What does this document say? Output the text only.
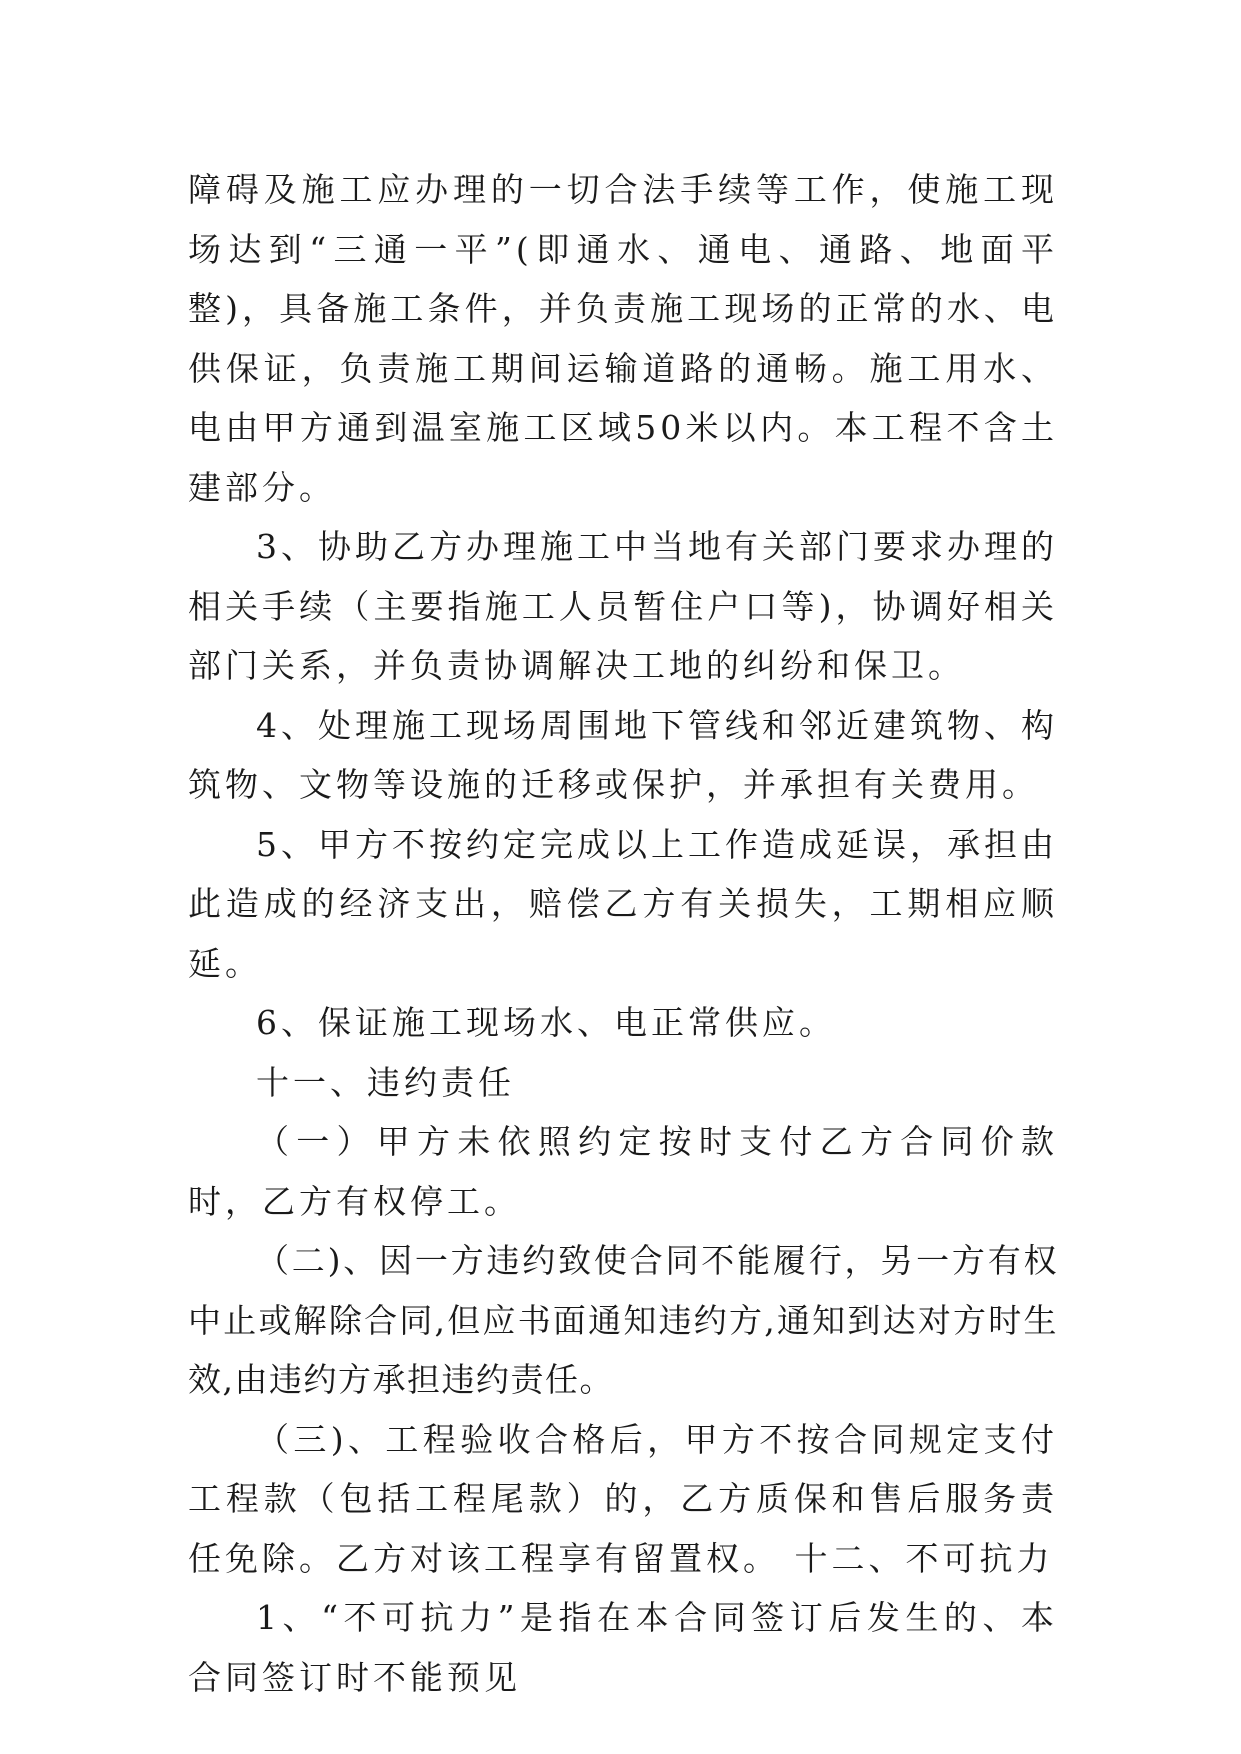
障碍及施工应办理的一切合法手续等工作，使施工现场达到“三通一平”(即通水、通电、通路、地面平整)，具备施工条件，并负责施工现场的正常的水、电供保证，负责施工期间运输道路的通畅。施工用水、电由甲方通到温室施工区域50米以内。本工程不含土建部分。

3、协助乙方办理施工中当地有关部门要求办理的相关手续（主要指施工人员暂住户口等)，协调好相关部门关系，并负责协调解决工地的纠纷和保卫。

4、处理施工现场周围地下管线和邻近建筑物、构筑物、文物等设施的迁移或保护，并承担有关费用。

5、甲方不按约定完成以上工作造成延误，承担由此造成的经济支出，赔偿乙方有关损失，工期相应顺延。

6、保证施工现场水、电正常供应。

十一、违约责任

（一）甲方未依照约定按时支付乙方合同价款时，乙方有权停工。

（二)、因一方违约致使合同不能履行，另一方有权中止或解除合同,但应书面通知违约方,通知到达对方时生效,由违约方承担违约责任。

（三)、工程验收合格后，甲方不按合同规定支付工程款（包括工程尾款）的，乙方质保和售后服务责任免除。乙方对该工程享有留置权。 十二、不可抗力

1、“不可抗力”是指在本合同签订后发生的、本合同签订时不能预见
